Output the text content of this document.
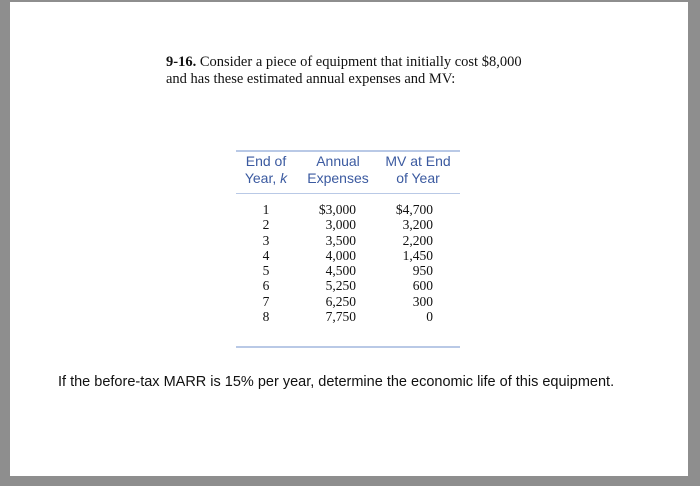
9-16. Consider a piece of equipment that initially cost $8,000 and has these estimated annual expenses and MV:
End of
Year, k
Annual
Expenses
MV at End
of Year
1
2
3
4
5
6
7
8
$3,000
3,000
3,500
4,000
4,500
5,250
6,250
7,750
$4,700
3,200
2,200
1,450
950
600
300
0
If the before-tax MARR is 15% per year, determine the economic life of this equipment.
